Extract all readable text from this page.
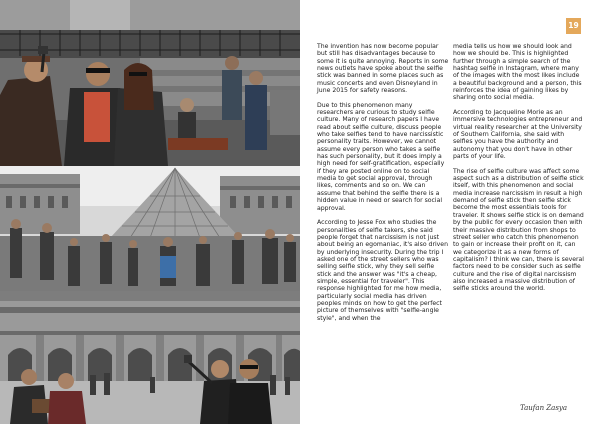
19

The invention has now become popular but still has disadvantages because to some it is quite annoying. Reports in some news outlets have spoke about the selfie stick was banned in some places such as music concerts and even Disneyland in June 2015 for safety reasons.

Due to this phenomenon many researchers are curious to study selfie culture. Many of research papers I have read about selfie culture, discuss people who take selfies tend to have narcissistic personality traits. However, we cannot assume every person who takes a selfie has such personality, but it does imply a high need for self-gratification, especially if they are posted online on to social media to get social approval, through likes, comments and so on. We can assume that behind the selfie there is a hidden value in need or search for social approval.

According to Jesse Fox who studies the personalities of selfie takers, she said people forget that narcissism is not just about being an egomaniac, it's also driven by underlying insecurity. During the trip I asked one of the street sellers who was selling selfie stick, why they sell selfie stick and the answer was "it's a cheap, simple, essential for traveler". This response highlighted for me how media, particularly social media has driven peoples minds on how to get the perfect picture of themselves with "selfie-angle style", and when the

media tells us how we should look and how we should be. This is highlighted further through a simple search of the hashtag selfie in Instagram, where many of the images with the most likes include a beautiful background and a person, this reinforces the idea of gaining likes by sharing onto social media.

According to Jacqueline Morie as an immersive technologies entrepreneur and virtual reality researcher at the University of Southern California, she said with selfies you have the authority and autonomy that you don't have in other parts of your life.

The rise of selfie culture was affect some aspect such as a distribution of selfie stick itself, with this phenomenon and social media increase narcissism in result a high demand of selfie stick then selfie stick become the most essentials tools for traveler. It shows selfie stick is on demand by the public for every occasion then with their massive distribution from shops to street seller who catch this phenomenon to gain or increase their profit on it, can we categorize it as a new forms of capitalism? I think we can, there is several factors need to be consider such as selfie culture and the rise of digital narcissism also increased a massive distribution of selfie sticks around the world.

Taufan Zasya
